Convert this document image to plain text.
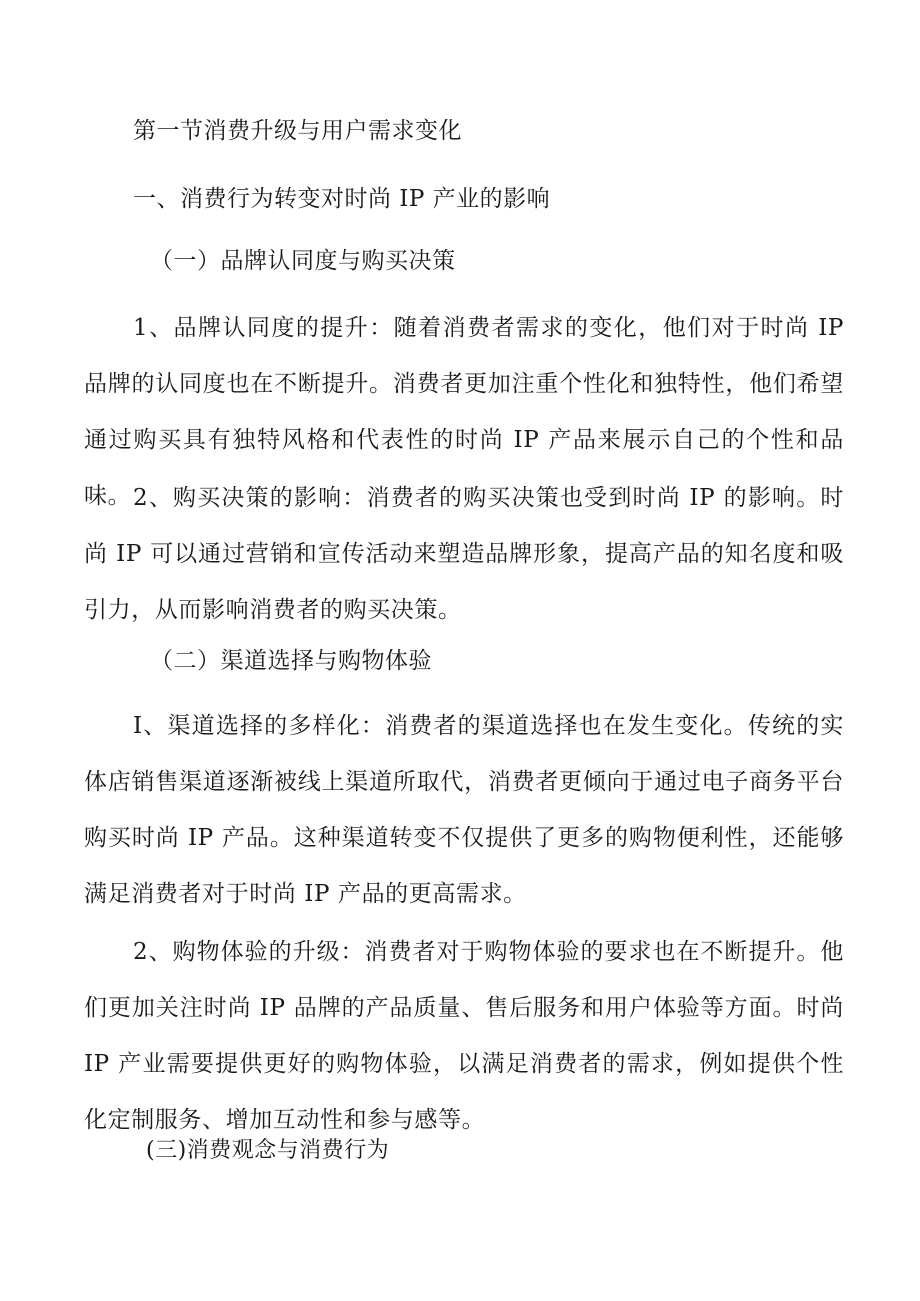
第一节消费升级与用户需求变化
一、消费行为转变对时尚 IP 产业的影响
（一）品牌认同度与购买决策

1、品牌认同度的提升：随着消费者需求的变化，他们对于时尚 IP 品牌的认同度也在不断提升。消费者更加注重个性化和独特性，他们希望通过购买具有独特风格和代表性的时尚 IP 产品来展示自己的个性和品味。 2、购买决策的影响：消费者的购买决策也受到时尚 IP 的影响。时尚 IP 可以通过营销和宣传活动来塑造品牌形象，提高产品的知名度和吸引力，从而影响消费者的购买决策。

（二）渠道选择与购物体验

I、渠道选择的多样化：消费者的渠道选择也在发生变化。传统的实体店销售渠道逐渐被线上渠道所取代，消费者更倾向于通过电子商务平台购买时尚 IP 产品。这种渠道转变不仅提供了更多的购物便利性，还能够满足消费者对于时尚 IP 产品的更高需求。

2、购物体验的升级：消费者对于购物体验的要求也在不断提升。他们更加关注时尚 IP 品牌的产品质量、售后服务和用户体验等方面。时尚 IP 产业需要提供更好的购物体验，以满足消费者的需求，例如提供个性化定制服务、增加互动性和参与感等。

(三)消费观念与消费行为
